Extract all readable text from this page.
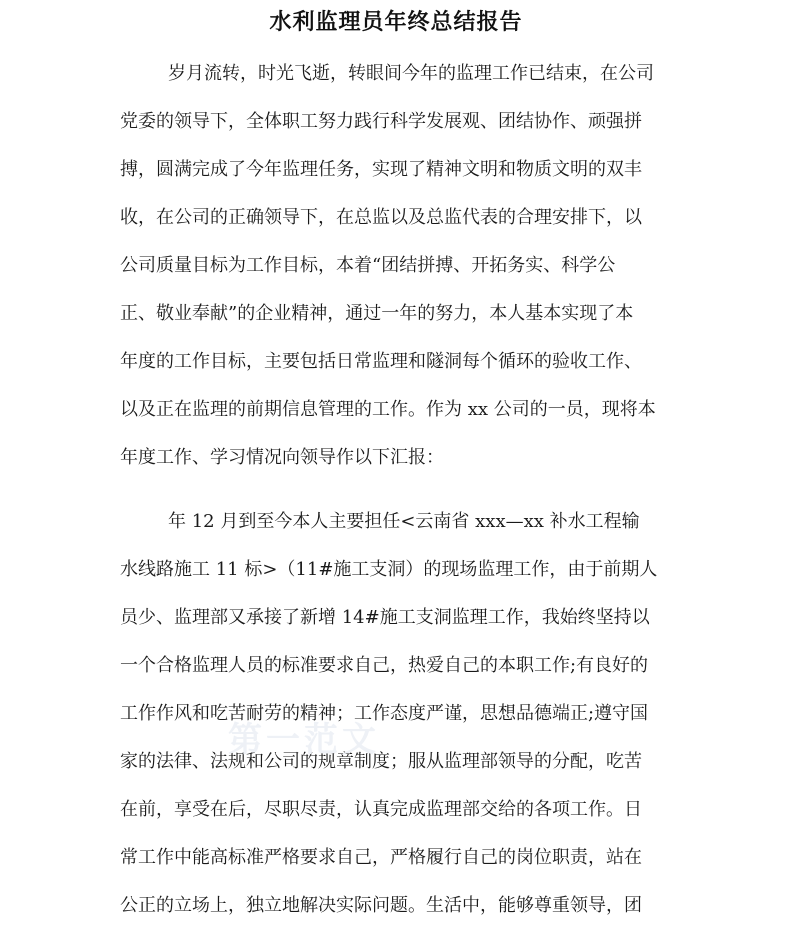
水利监理员年终总结报告
岁月流转，时光飞逝，转眼间今年的监理工作已结束，在公司
党委的领导下，全体职工努力践行科学发展观、团结协作、顽强拼
搏，圆满完成了今年监理任务，实现了精神文明和物质文明的双丰
收，在公司的正确领导下，在总监以及总监代表的合理安排下，以
公司质量目标为工作目标，本着“团结拼搏、开拓务实、科学公
正、敬业奉献”的企业精神，通过一年的努力，本人基本实现了本
年度的工作目标，主要包括日常监理和隧洞每个循环的验收工作、
以及正在监理的前期信息管理的工作。作为 xx 公司的一员，现将本
年度工作、学习情况向领导作以下汇报：
年 12 月到至今本人主要担任<云南省 xxx—xx 补水工程输
水线路施工 11 标>（11#施工支洞）的现场监理工作，由于前期人
员少、监理部又承接了新增 14#施工支洞监理工作，我始终坚持以
一个合格监理人员的标准要求自己，热爱自己的本职工作;有良好的
工作作风和吃苦耐劳的精神；工作态度严谨，思想品德端正;遵守国
家的法律、法规和公司的规章制度；服从监理部领导的分配，吃苦
在前，享受在后，尽职尽责，认真完成监理部交给的各项工作。日
常工作中能高标准严格要求自己，严格履行自己的岗位职责，站在
公正的立场上，独立地解决实际问题。生活中，能够尊重领导，团
第一范文
